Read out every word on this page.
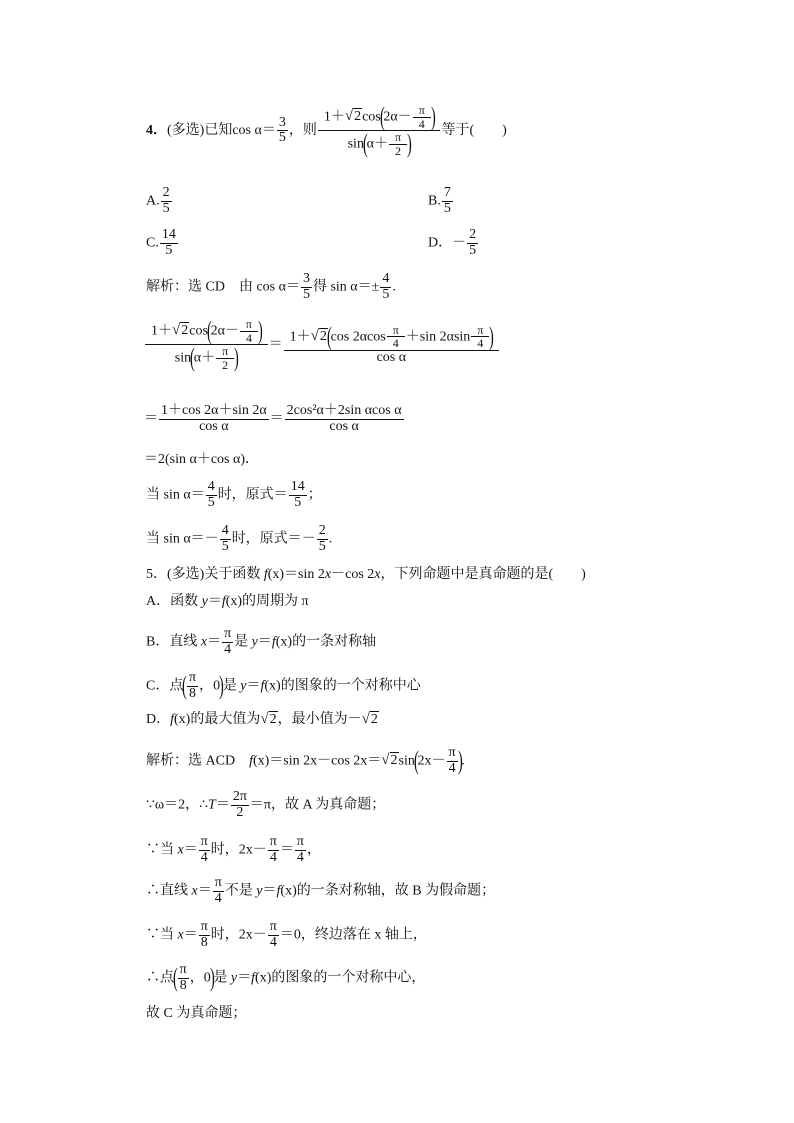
4．(多选)已知$\cos \alpha= \frac{3}{5}$ ，则 $\frac{1+√2\cos(2\alpha- \frac{\pi}{4} )}{\sin(\alpha+ \frac{\pi}{2} )}$ 等于(　　)
A. $\frac{2}{5}$	B. $\frac{7}{5}$
C. $\frac{14}{5}$	D．－ $\frac{2}{5}$
解析：选 CD　由 $\cos \alpha= \frac{3}{5}$ 得 $\sin \alpha=\pm \frac{4}{5}$ .
$\frac{1+√2\cos(2\alpha- \frac{\pi}{4} )}{\sin(\alpha+ \frac{\pi}{2} )} = \frac{1+√2(\cos 2\alpha\cos \frac{\pi}{4} +\sin 2\alpha\sin \frac{\pi}{4} )}{\text{cos α}}$
＝ $\frac{1+\cos 2\alpha+\sin 2\alpha}{\text{cos α}} = \frac{\text{2cos²α＋2sin αcos α}}{\text{cos α}}$
＝2(sin α＋cos α)．
当 $\sin \alpha= \frac{4}{5}$ 时，原式＝ $\frac{14}{5}$ ；
当 $\sin \alpha=- \frac{4}{5}$ 时，原式＝－ $\frac{2}{5}$ .
5．(多选)关于函数 f(x)＝sin 2x－cos 2x，下列命题中是真命题的是(　　)
A．函数 y＝f(x)的周期为 π
B．直线 $x= \frac{\pi}{4}$ 是 y＝f(x)的一条对称轴
C．点( $\frac{\pi}{8}$ ，0)是 y＝f(x)的图象的一个对称中心
D．f(x)的最大值为√2，最小值为－√2
解析：选 ACD　f(x)＝sin 2x－cos $2x=√2\sin(2x- \frac{\pi}{4}$ ).
∵ω＝2，∴T＝ $\frac{2\pi}{2} =\pi$，故 A 为真命题；
∵当 $x= \frac{\pi}{4}$ 时，$2x- \frac{\pi}{4} = \frac{\pi}{4}$ ，
∴直线 $x= \frac{\pi}{4}$ 不是 y＝f(x)的一条对称轴，故 B 为假命题；
∵当 $x= \frac{\pi}{8}$ 时，$2x- \frac{\pi}{4} =0$，终边落在 x 轴上，
∴点( $\frac{\pi}{8}$ ，0)是 y＝f(x)的图象的一个对称中心，
故 C 为真命题；
